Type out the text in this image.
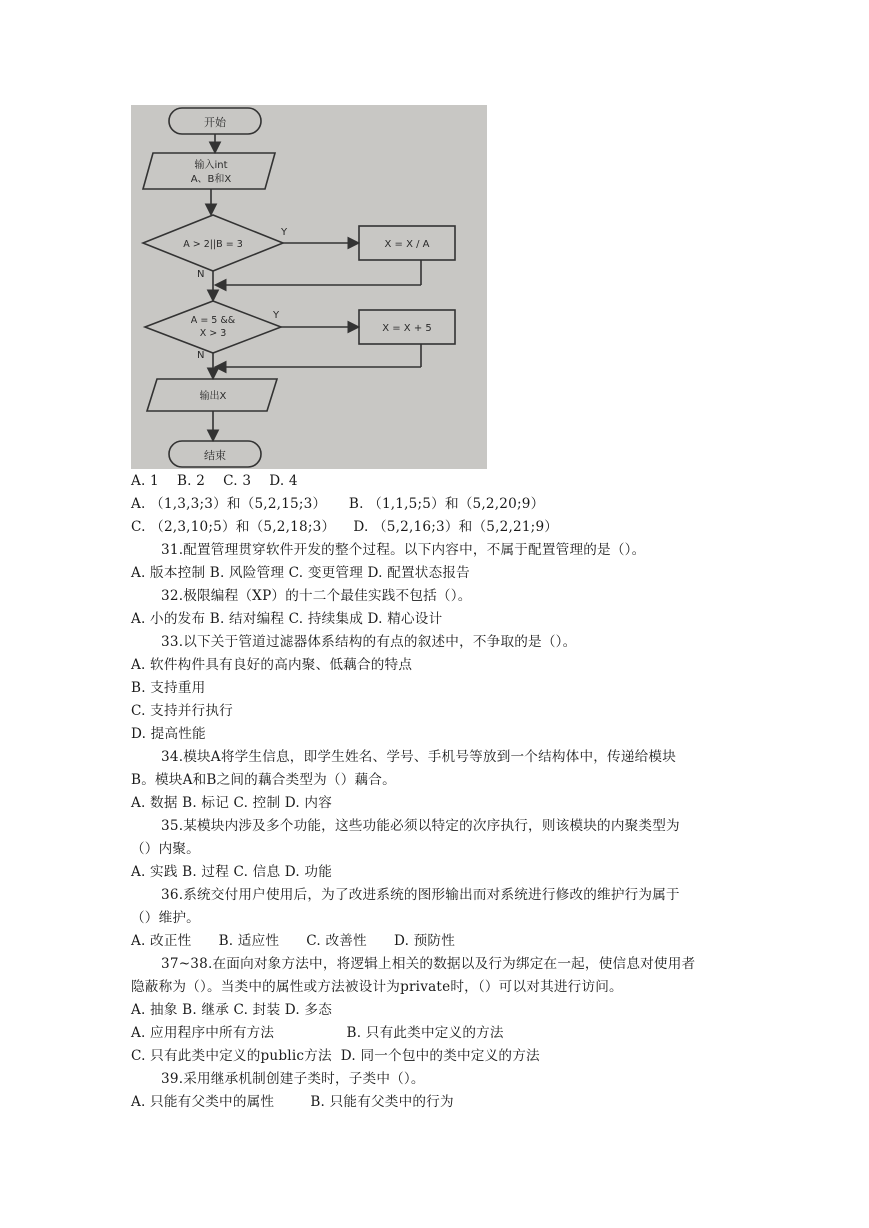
开始
输入int
A、B和X
A > 2||B = 3
Y
X = X / A
N
A = 5 &&
X > 3
Y
X = X + 5
N
输出X
结束
A. 1    B. 2    C. 3    D. 4
A. （1,3,3;3）和（5,2,15;3）     B. （1,1,5;5）和（5,2,20;9）
C. （2,3,10;5）和（5,2,18;3）    D. （5,2,16;3）和（5,2,21;9）
31.配置管理贯穿软件开发的整个过程。以下内容中，不属于配置管理的是（）。
A. 版本控制 B. 风险管理 C. 变更管理 D. 配置状态报告
32.极限编程（XP）的十二个最佳实践不包括（）。
A. 小的发布 B. 结对编程 C. 持续集成 D. 精心设计
33.以下关于管道过滤器体系结构的有点的叙述中，不争取的是（）。
A. 软件构件具有良好的高内聚、低藕合的特点
B. 支持重用
C. 支持并行执行
D. 提高性能
34.模块A将学生信息，即学生姓名、学号、手机号等放到一个结构体中，传递给模块
B。模块A和B之间的藕合类型为（）藕合。
A. 数据 B. 标记 C. 控制 D. 内容
35.某模块内涉及多个功能，这些功能必须以特定的次序执行，则该模块的内聚类型为
（）内聚。
A. 实践 B. 过程 C. 信息 D. 功能
36.系统交付用户使用后，为了改进系统的图形输出而对系统进行修改的维护行为属于
（）维护。
A. 改正性      B. 适应性      C. 改善性      D. 预防性
37~38.在面向对象方法中，将逻辑上相关的数据以及行为绑定在一起，使信息对使用者
隐蔽称为（）。当类中的属性或方法被设计为private时，（）可以对其进行访问。
A. 抽象 B. 继承 C. 封装 D. 多态
A. 应用程序中所有方法                B. 只有此类中定义的方法
C. 只有此类中定义的public方法  D. 同一个包中的类中定义的方法
39.采用继承机制创建子类时，子类中（）。
A. 只能有父类中的属性        B. 只能有父类中的行为
